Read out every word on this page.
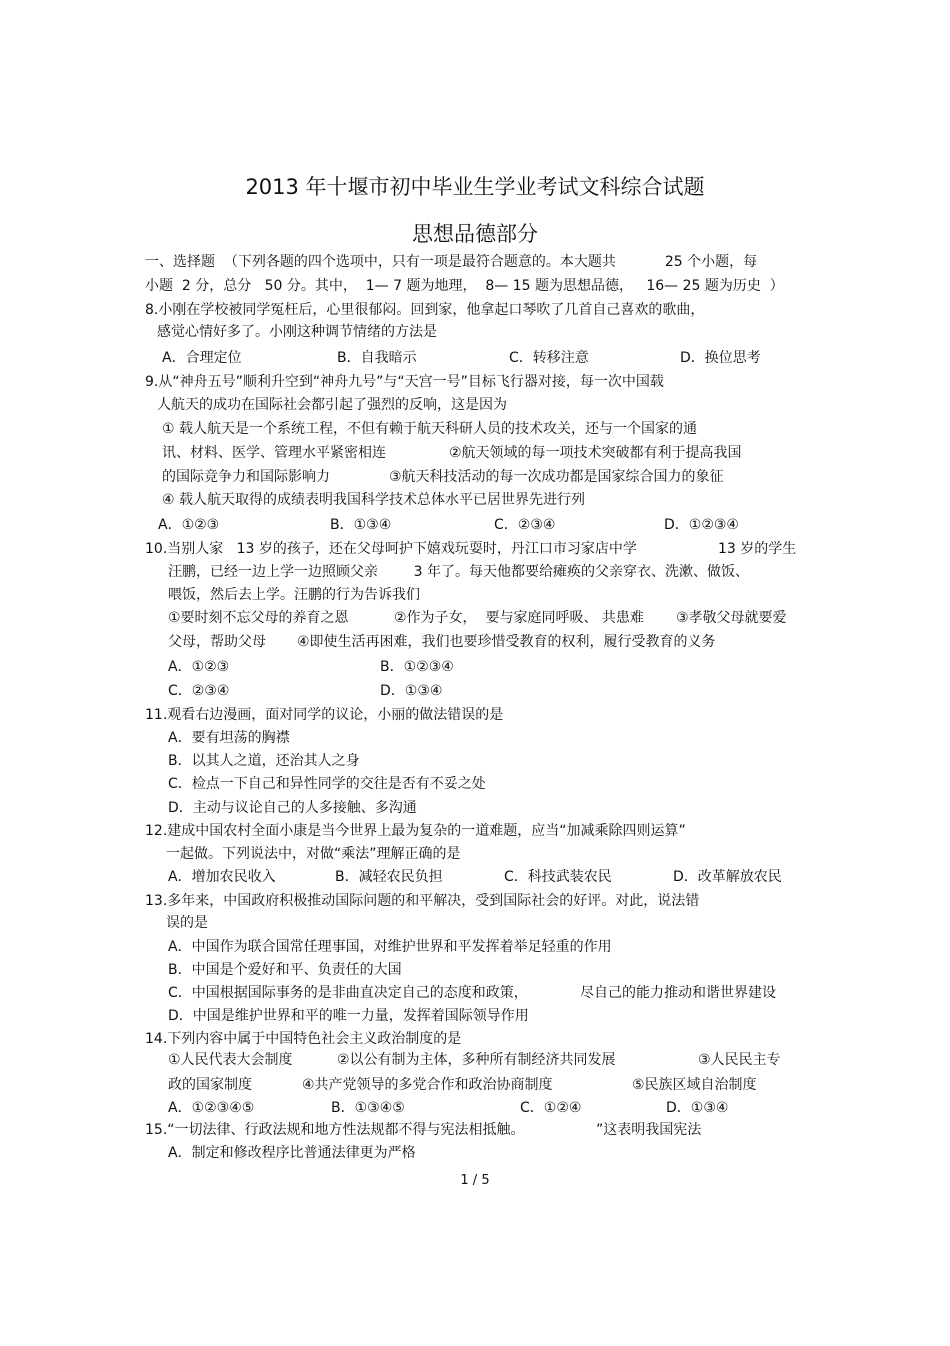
2013 年十堰市初中毕业生学业考试文科综合试题
思想品德部分
一、选择题  （下列各题的四个选项中，只有一项是最符合题意的。本大题共           25 个小题，每
小题  2 分，总分   50 分。其中，  1— 7 题为地理，  8— 15 题为思想品德，   16— 25 题为历史  ）
8.小刚在学校被同学冤枉后，心里很郁闷。回到家，他拿起口琴吹了几首自己喜欢的歌曲，
感觉心情好多了。小刚这种调节情绪的方法是
A．合理定位	B．自我暗示	C．转移注意	D．换位思考
9.从“神舟五号”顺利升空到“神舟九号”与“天宫一号”目标飞行器对接，每一次中国载
人航天的成功在国际社会都引起了强烈的反响，这是因为
① 载人航天是一个系统工程，不但有赖于航天科研人员的技术攻关，还与一个国家的通
讯、材料、医学、管理水平紧密相连	②航天领域的每一项技术突破都有利于提高我国
的国际竞争力和国际影响力	③航天科技活动的每一次成功都是国家综合国力的象征
④ 载人航天取得的成绩表明我国科学技术总体水平已居世界先进行列
A．①②③	B．①③④	C．②③④	D．①②③④
10.当别人家   13 岁的孩子，还在父母呵护下嬉戏玩耍时，丹江口市习家店中学	13 岁的学生
汪鹏，已经一边上学一边照顾父亲        3 年了。每天他都要给瘫痪的父亲穿衣、洗漱、做饭、
喂饭，然后去上学。汪鹏的行为告诉我们
①要时刻不忘父母的养育之恩	②作为子女，  要与家庭同呼吸、 共患难 ③孝敬父母就要爱
父母，帮助父母 ④即使生活再困难，我们也要珍惜受教育的权利，履行受教育的义务
A．①②③	B．①②③④
C．②③④	D．①③④
11.观看右边漫画，面对同学的议论，小丽的做法错误的是
A．要有坦荡的胸襟
B．以其人之道，还治其人之身
C．检点一下自己和异性同学的交往是否有不妥之处
D．主动与议论自己的人多接触、多沟通
12.建成中国农村全面小康是当今世界上最为复杂的一道难题，应当“加减乘除四则运算”
一起做。下列说法中，对做“乘法”理解正确的是
A．增加农民收入	B．减轻农民负担	C．科技武装农民	D．改革解放农民
13.多年来，中国政府积极推动国际问题的和平解决，受到国际社会的好评。对此，说法错
误的是
A．中国作为联合国常任理事国，对维护世界和平发挥着举足轻重的作用
B．中国是个爱好和平、负责任的大国
C．中国根据国际事务的是非曲直决定自己的态度和政策，	尽自己的能力推动和谐世界建设
D．中国是维护世界和平的唯一力量，发挥着国际领导作用
14.下列内容中属于中国特色社会主义政治制度的是
①人民代表大会制度	②以公有制为主体，多种所有制经济共同发展	③人民民主专
政的国家制度	④共产党领导的多党合作和政治协商制度	⑤民族区域自治制度
A．①②③④⑤	B．①③④⑤	C．①②④	D．①③④
15.“一切法律、行政法规和地方性法规都不得与宪法相抵触。	”这表明我国宪法
A．制定和修改程序比普通法律更为严格
1 / 5
